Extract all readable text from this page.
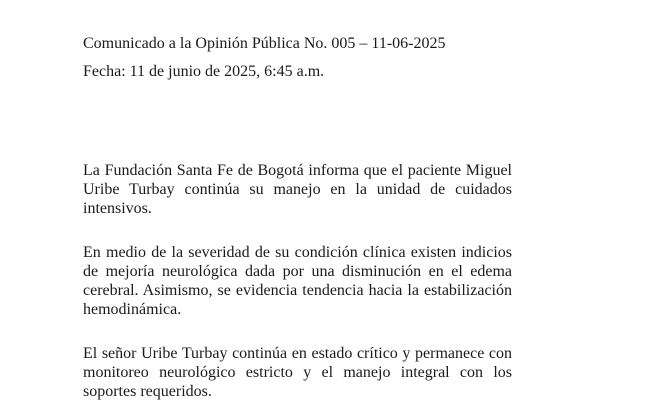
Comunicado a la Opinión Pública No. 005 – 11-06-2025
Fecha: 11 de junio de 2025, 6:45 a.m.

La Fundación Santa Fe de Bogotá informa que el paciente Miguel Uribe Turbay continúa su manejo en la unidad de cuidados intensivos.

En medio de la severidad de su condición clínica existen indicios de mejoría neurológica dada por una disminución en el edema cerebral. Asimismo, se evidencia tendencia hacia la estabilización hemodinámica.

El señor Uribe Turbay continúa en estado crítico y permanece con monitoreo neurológico estricto y el manejo integral con los soportes requeridos.
